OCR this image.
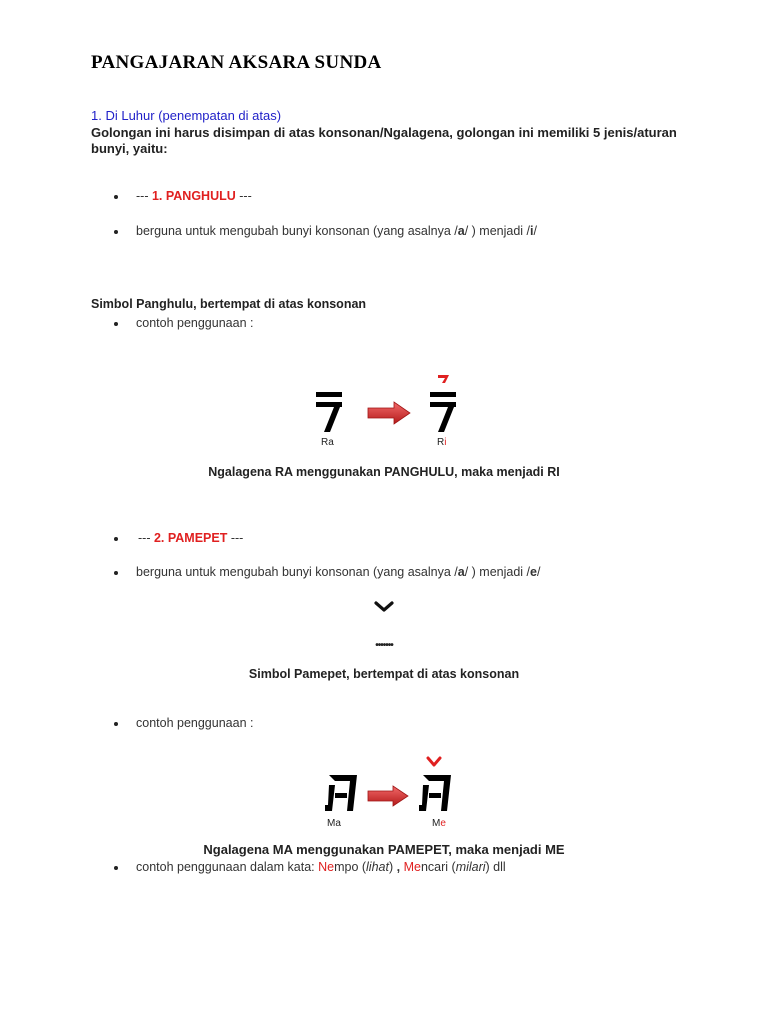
PANGAJARAN AKSARA SUNDA
1. Di Luhur (penempatan di atas)
Golongan ini harus disimpan di atas konsonan/Ngalagena, golongan ini memiliki 5 jenis/aturan bunyi, yaitu:
--- 1. PANGHULU ---
berguna untuk mengubah bunyi konsonan (yang asalnya /a/ ) menjadi /i/
Simbol Panghulu, bertempat di atas konsonan
contoh penggunaan :
Ra	Ri
Ngalagena RA menggunakan PANGHULU, maka menjadi RI
--- 2. PAMEPET ---
berguna untuk mengubah bunyi konsonan (yang asalnya /a/ ) menjadi /e/
•••••••
Simbol Pamepet, bertempat di atas konsonan
contoh penggunaan :
Ma	Me
Ngalagena MA menggunakan PAMEPET, maka menjadi ME
contoh penggunaan dalam kata: Nempo (lihat) , Mencari (milari) dll
